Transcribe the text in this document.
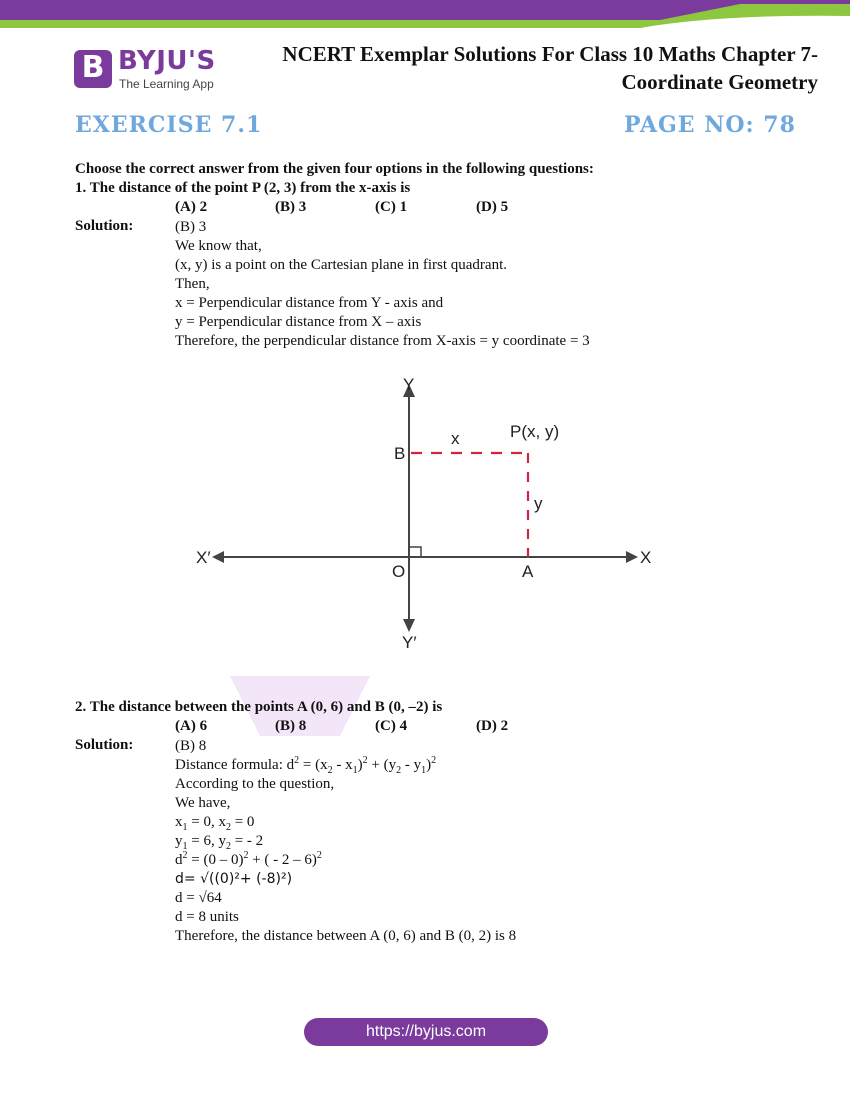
B BYJU'S
The Learning App
NCERT Exemplar Solutions For Class 10 Maths Chapter 7-
Coordinate Geometry
EXERCISE 7.1	PAGE NO: 78
Choose the correct answer from the given four options in the following questions:
1. The distance of the point P (2, 3) from the x-axis is
(A) 2	(B) 3	(C) 1	(D) 5
Solution:	(B) 3
We know that,
(x, y) is a point on the Cartesian plane in first quadrant.
Then,
x = Perpendicular distance from Y - axis and
y = Perpendicular distance from X – axis
Therefore, the perpendicular distance from X-axis = y coordinate = 3
Y
Y′
X
X′
O	A
B
P(x, y)
x
y
2. The distance between the points A (0, 6) and B (0, –2) is
(A) 6	(B) 8	(C) 4	(D) 2
Solution:	(B) 8
Distance formula: $d^2 = (x_2 - x_1)^2 + (y_2 - y_1)^2$
According to the question,
We have,
$x_1 = 0$, $x_2 = 0$
$y_1 = 6$, $y_2$ = - 2
$d^2 = (0 - 0)^2$ + ( - 2 – 6)$^2$
d= √((0)²+ (-8)²)
d = √64
d = 8 units
Therefore, the distance between A (0, 6) and B (0, 2) is 8
https://byjus.com
